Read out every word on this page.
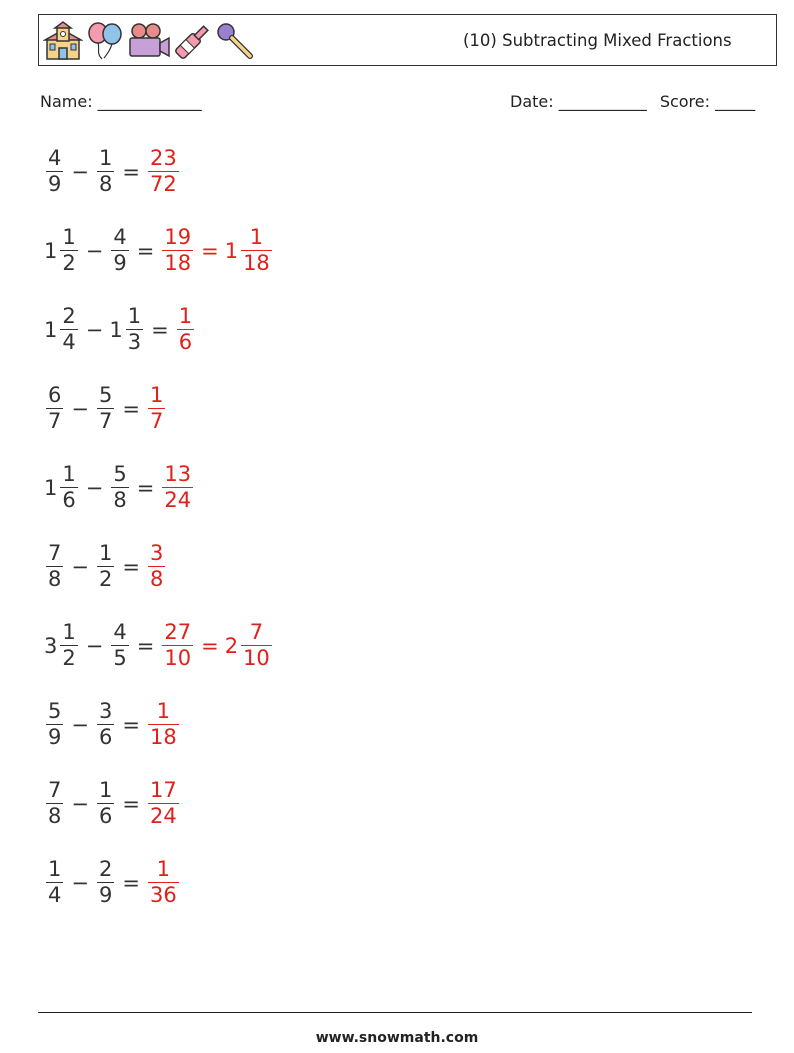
(10) Subtracting Mixed Fractions
Name: _____________	Date: ___________ Score: _____
$\frac{4}{9} - \frac{1}{8} = \frac{23}{72}$
$1 \frac{1}{2} - \frac{4}{9} = \frac{19}{18} = 1 \frac{1}{18}$
$1 \frac{2}{4} - 1 \frac{1}{3} = \frac{1}{6}$
$\frac{6}{7} - \frac{5}{7} = \frac{1}{7}$
$1 \frac{1}{6} - \frac{5}{8} = \frac{13}{24}$
$\frac{7}{8} - \frac{1}{2} = \frac{3}{8}$
$3 \frac{1}{2} - \frac{4}{5} = \frac{27}{10} = 2 \frac{7}{10}$
$\frac{5}{9} - \frac{3}{6} = \frac{1}{18}$
$\frac{7}{8} - \frac{1}{6} = \frac{17}{24}$
$\frac{1}{4} - \frac{2}{9} = \frac{1}{36}$
www.snowmath.com
